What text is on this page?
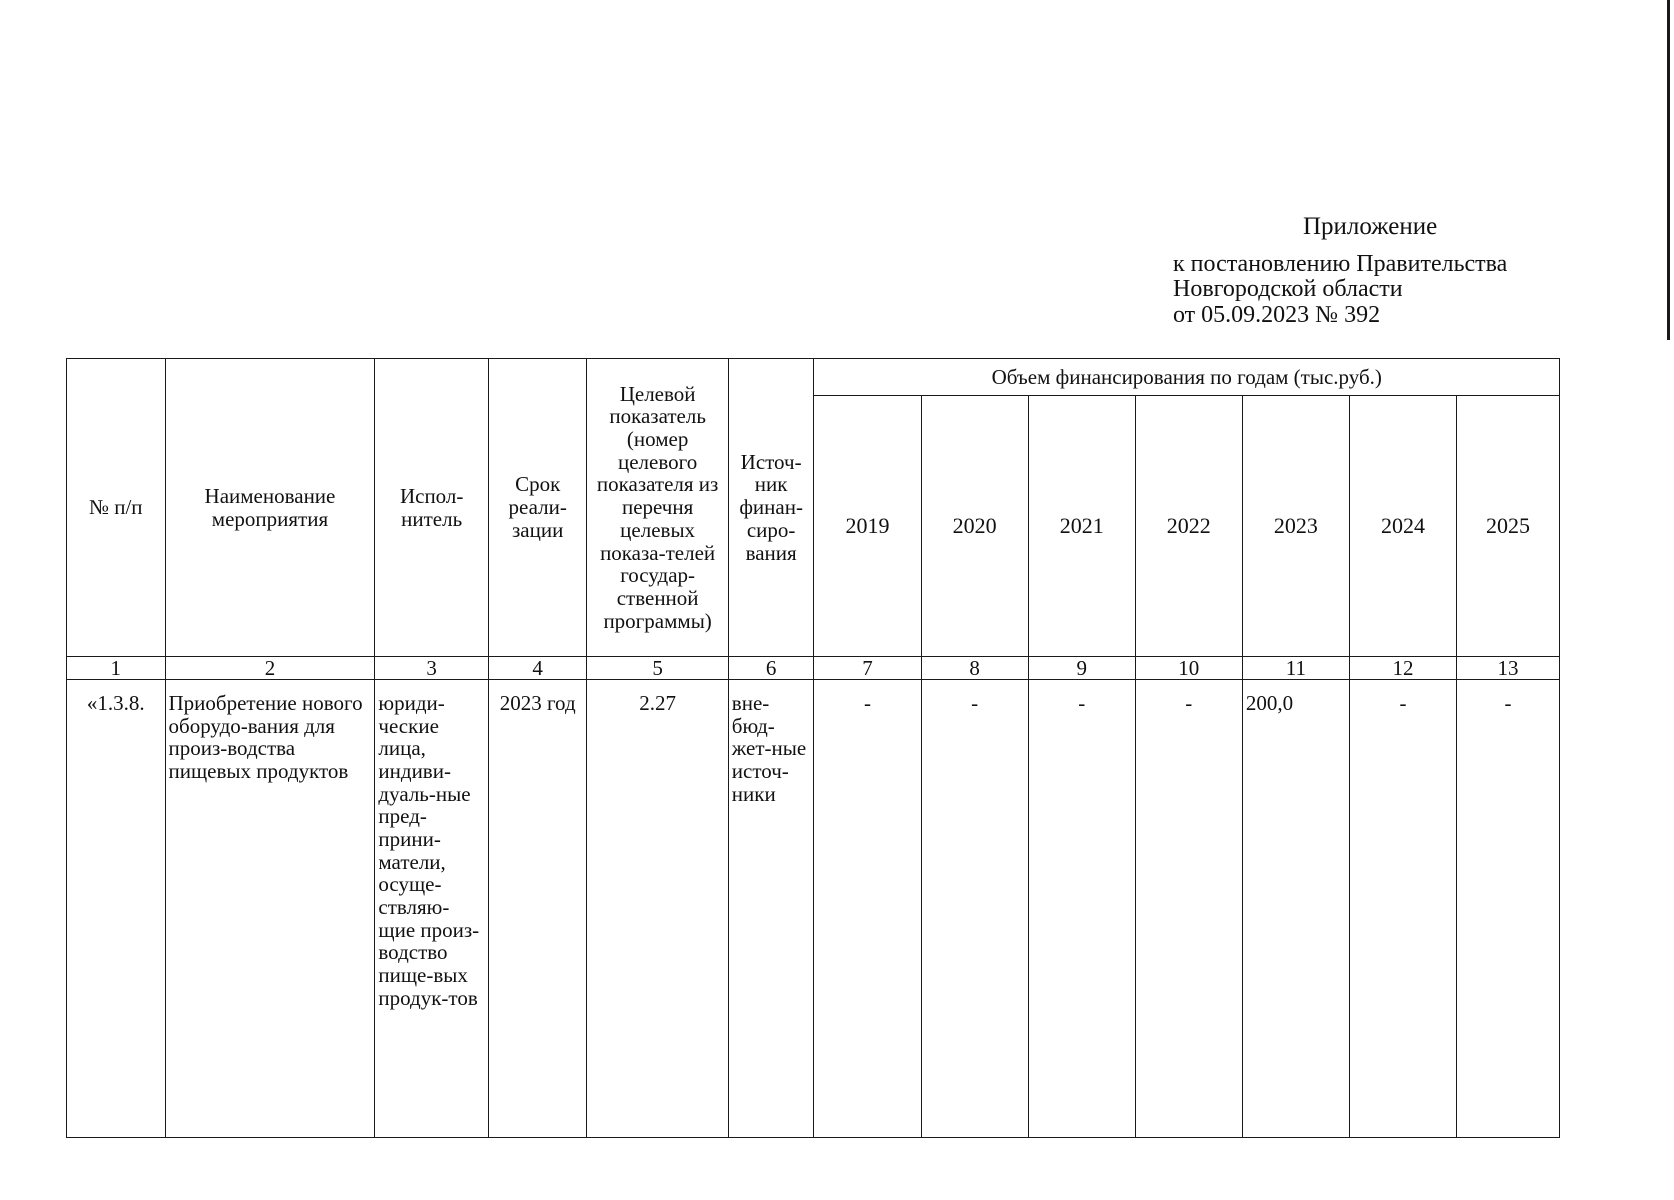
Приложение
к постановлению Правительства
Новгородской области
от 05.09.2023 № 392
№ п/п	Наименование мероприятия	Испол-нитель	Срок реали-зации	Целевой показатель (номер целевого показателя из перечня целевых показа-телей государ-ственной программы)	Источ-ник финан-сиро-вания	Объем финансирования по годам (тыс.руб.)						
						2019	2020	2021	2022	2023	2024	2025
1	2	3	4	5	6	7	8	9	10	11	12	13
«1.3.8.	Приобретение нового оборудо-вания для произ-водства пищевых продуктов	юриди-ческие лица, индиви-дуаль-ные пред-прини-матели, осуще-ствляю-щие произ-водство пище-вых продук-тов	2023 год	2.27	вне-бюд-жет-ные источ-ники	-	-	-	-	200,0	-	-
